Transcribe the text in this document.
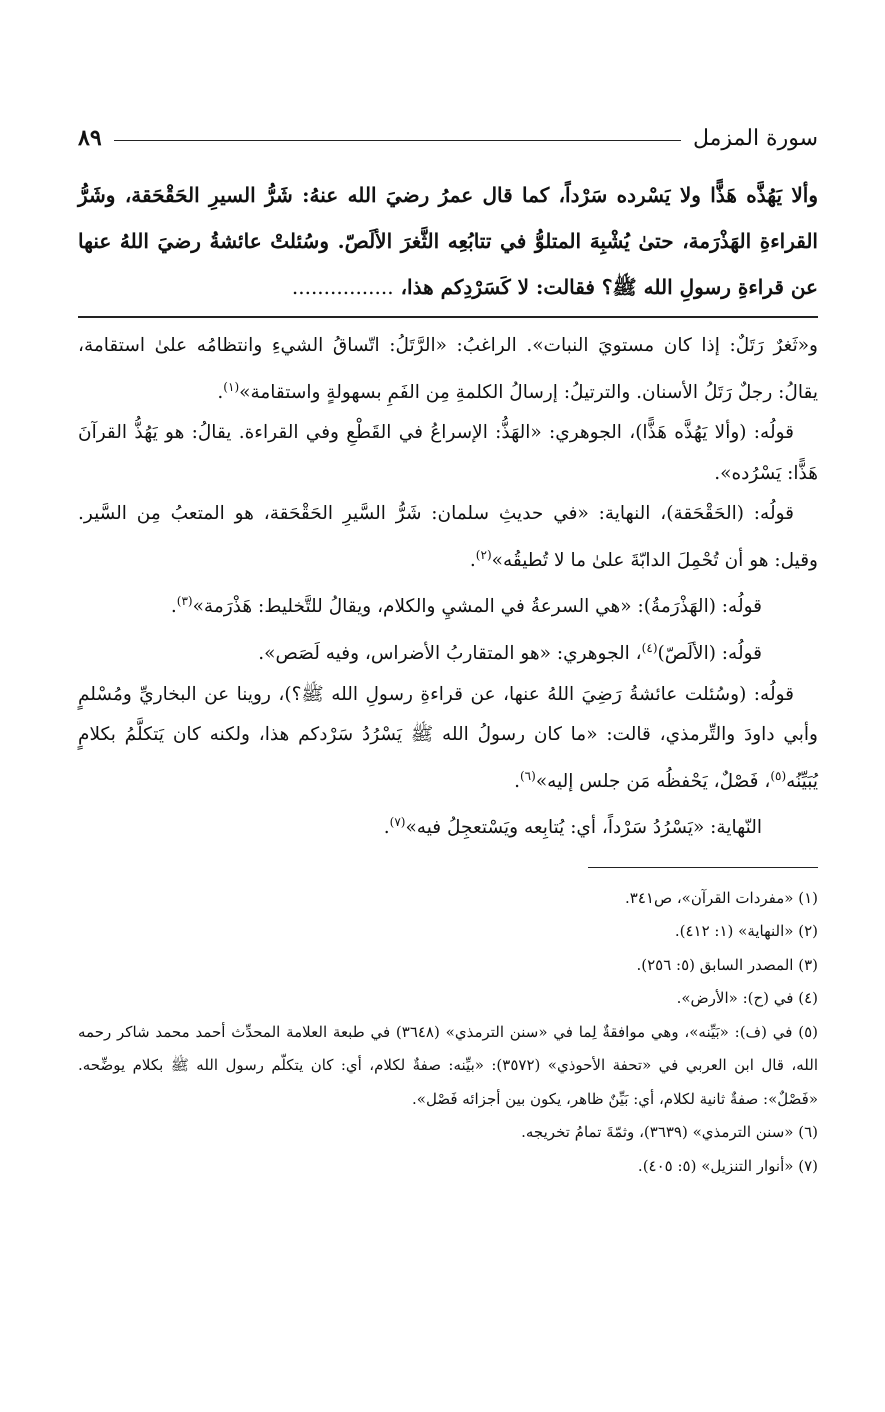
سورة المزمل
٨٩
وألا يَهُذَّه هَذًّا ولا يَسْرده سَرْداً، كما قال عمرُ رضيَ الله عنهُ: شَرُّ السيرِ الحَقْحَقة، وشَرُّ القراءةِ الهَذْرَمة، حتىٰ يُشْبِهَ المتلوُّ في تتابُعِه الثَّغرَ الألَصّ. وسُئلتْ عائشةُ رضيَ اللهُ عنها عن قراءةِ رسولِ الله ﷺ؟ فقالت: لا كَسَرْدِكم هذا، ................

و«ثَغرٌ رَتَلٌ: إذا كان مستويَ النبات». الراغبُ: «الرَّتَلُ: اتّساقُ الشيءِ وانتظامُه علىٰ استقامة، يقالُ: رجلٌ رَتَلُ الأسنان. والترتيلُ: إرسالُ الكلمةِ مِن الفَمِ بسهولةٍ واستقامة»$^{(١)}$.

قولُه: (وألا يَهُذَّه هَذًّا)، الجوهري: «الهَذُّ: الإسراعُ في القَطْعِ وفي القراءة. يقالُ: هو يَهُذُّ القرآنَ هَذًّا: يَسْرُده».

قولُه: (الحَقْحَقة)، النهاية: «في حديثِ سلمان: شَرُّ السَّيرِ الحَقْحَقة، هو المتعبُ مِن السَّير. وقيل: هو أن تُحْمِلَ الدابّةَ علىٰ ما لا تُطيقُه»$^{(٢)}$.

قولُه: (الهَذْرَمةُ): «هي السرعةُ في المشيِ والكلام، ويقالُ للتَّخليط: هَذْرَمة»$^{(٣)}$.

قولُه: (الألَصّ)$^{(٤)}$، الجوهري: «هو المتقاربُ الأضراس، وفيه لَصَص».

قولُه: (وسُئلت عائشةُ رَضِيَ اللهُ عنها، عن قراءةِ رسولِ الله ﷺ؟)، روينا عن البخاريِّ ومُسْلمٍ وأبي داودَ والتِّرمذي، قالت: «ما كان رسولُ الله ﷺ يَسْرُدُ سَرْدكم هذا، ولكنه كان يَتكلَّمُ بكلامٍ يُبَيِّنُه$^{(٥)}$، فَصْلٌ، يَحْفظُه مَن جلس إليه»$^{(٦)}$.

النّهاية: «يَسْرُدُ سَرْداً، أي: يُتابِعه ويَسْتعجِلُ فيه»$^{(٧)}$.

(١) «مفردات القرآن»، ص٣٤١.

(٢) «النهاية» (١: ٤١٢).

(٣) المصدر السابق (٥: ٢٥٦).

(٤) في (ح): «الأرض».

(٥) في (ف): «بَيِّنه»، وهي موافقةٌ لِما في «سنن الترمذي» (٣٦٤٨) في طبعة العلامة المحدِّث أحمد محمد شاكر رحمه الله، قال ابن العربي في «تحفة الأحوذي» (٣٥٧٢): «بيِّنه: صفةٌ لكلام، أي: كان يتكلّم رسول الله ﷺ بكلام يوضِّحه. «فَصْلٌ»: صفةٌ ثانية لكلام، أي: بَيِّنٌ ظاهر، يكون بين أجزائه فَصْل».

(٦) «سنن الترمذي» (٣٦٣٩)، وثمّةَ تمامُ تخريجه.

(٧) «أنوار التنزيل» (٥: ٤٠٥).
